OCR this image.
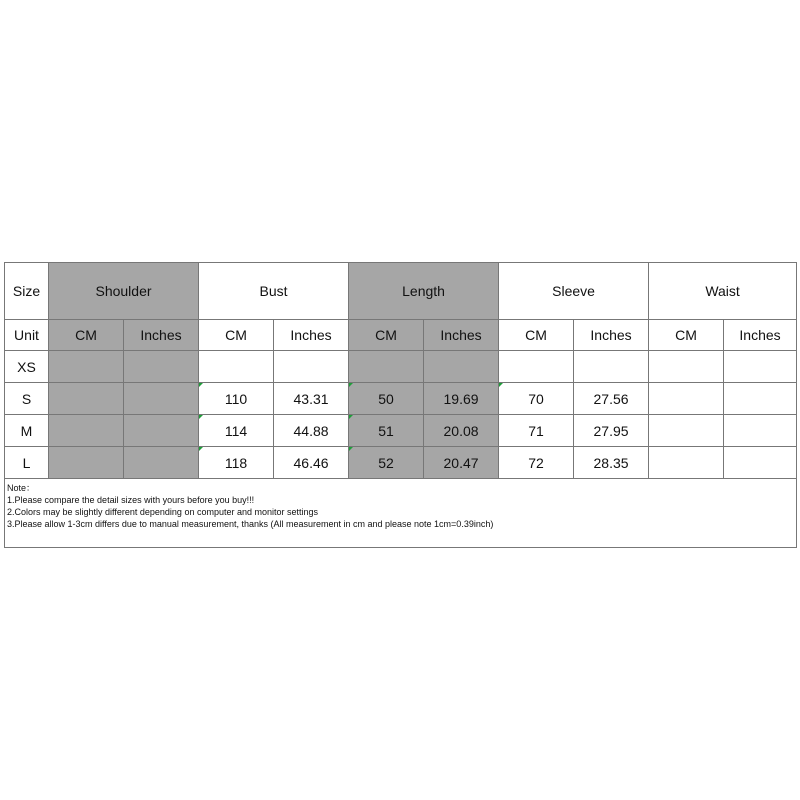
Size	Shoulder		Bust		Length		Sleeve		Waist	
Unit	CM	Inches	CM	Inches	CM	Inches	CM	Inches	CM	Inches
XS										
S			110	43.31	50	19.69	70	27.56		
M			114	44.88	51	20.08	71	27.95		
L			118	46.46	52	20.47	72	28.35		

Note：
1.Please compare the detail sizes with yours before you buy!!!
2.Colors may be slightly different depending on computer and monitor settings
3.Please allow 1-3cm differs due to manual measurement, thanks (All measurement in cm and please note 1cm=0.39inch)										
